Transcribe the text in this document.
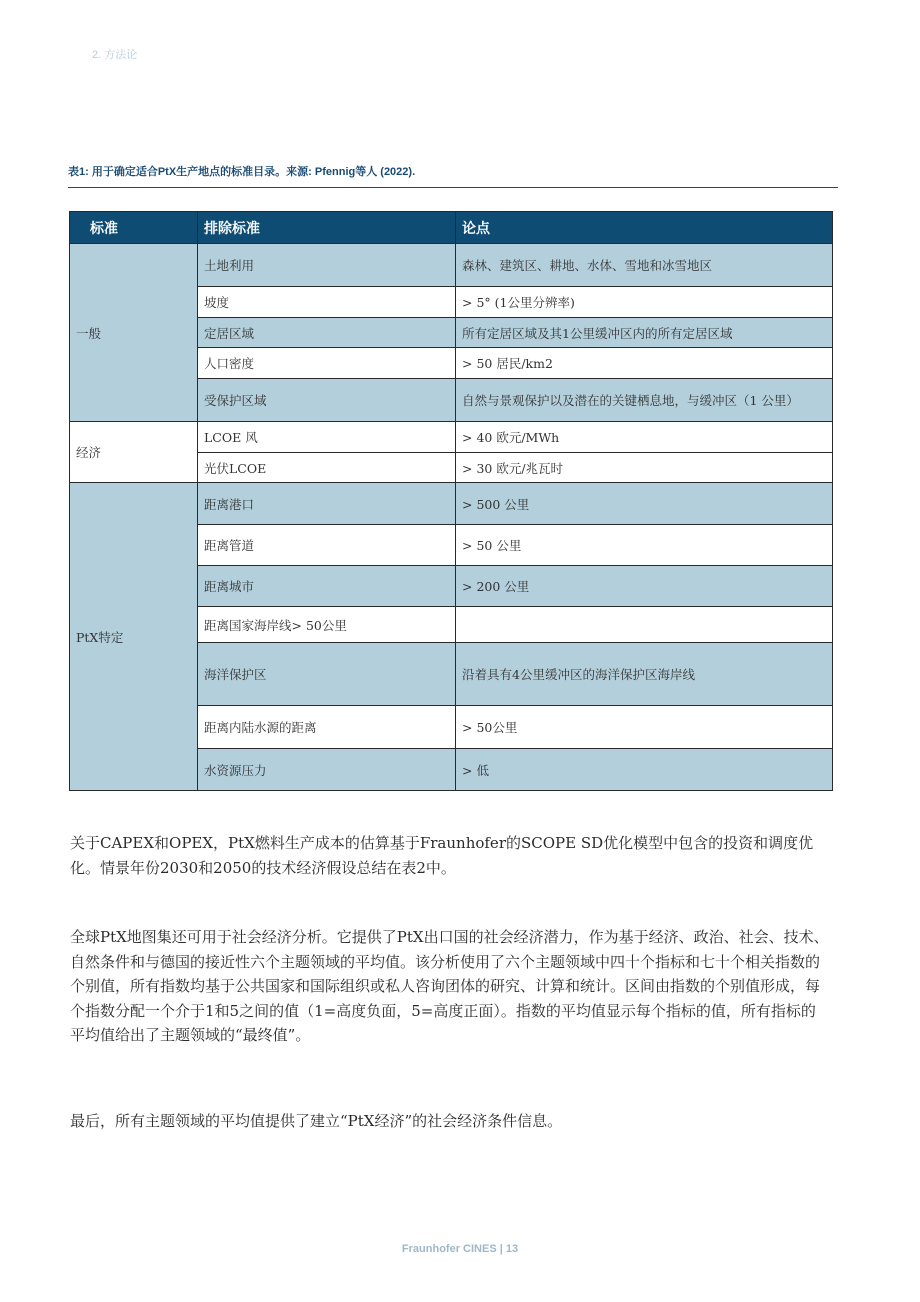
2. 方法论
表1: 用于确定适合PtX生产地点的标准目录。来源: Pfennig等人 (2022).
标准	排除标准	论点
一般	土地利用	森林、建筑区、耕地、水体、雪地和冰雪地区
	坡度	> 5° (1公里分辨率)
	定居区域	所有定居区域及其1公里缓冲区内的所有定居区域
	人口密度	> 50 居民/km2
	受保护区域	自然与景观保护以及潜在的关键栖息地，与缓冲区（1 公里）
经济	LCOE 风	> 40 欧元/MWh
	光伏LCOE	> 30 欧元/兆瓦时
PtX特定	距离港口	> 500 公里
	距离管道	> 50 公里
	距离城市	> 200 公里
	距离国家海岸线> 50公里	
	海洋保护区	沿着具有4公里缓冲区的海洋保护区海岸线
	距离内陆水源的距离	> 50公里
	水资源压力	> 低
关于CAPEX和OPEX，PtX燃料生产成本的估算基于Fraunhofer的SCOPE SD优化模型中包含的投资和调度优化。情景年份2030和2050的技术经济假设总结在表2中。
全球PtX地图集还可用于社会经济分析。它提供了PtX出口国的社会经济潜力，作为基于经济、政治、社会、技术、自然条件和与德国的接近性六个主题领域的平均值。该分析使用了六个主题领域中四十个指标和七十个相关指数的个别值，所有指数均基于公共国家和国际组织或私人咨询团体的研究、计算和统计。区间由指数的个别值形成，每个指数分配一个介于1和5之间的值（1=高度负面，5=高度正面）。指数的平均值显示每个指标的值，所有指标的平均值给出了主题领域的“最终值”。
最后，所有主题领域的平均值提供了建立“PtX经济”的社会经济条件信息。
Fraunhofer CINES | 13
